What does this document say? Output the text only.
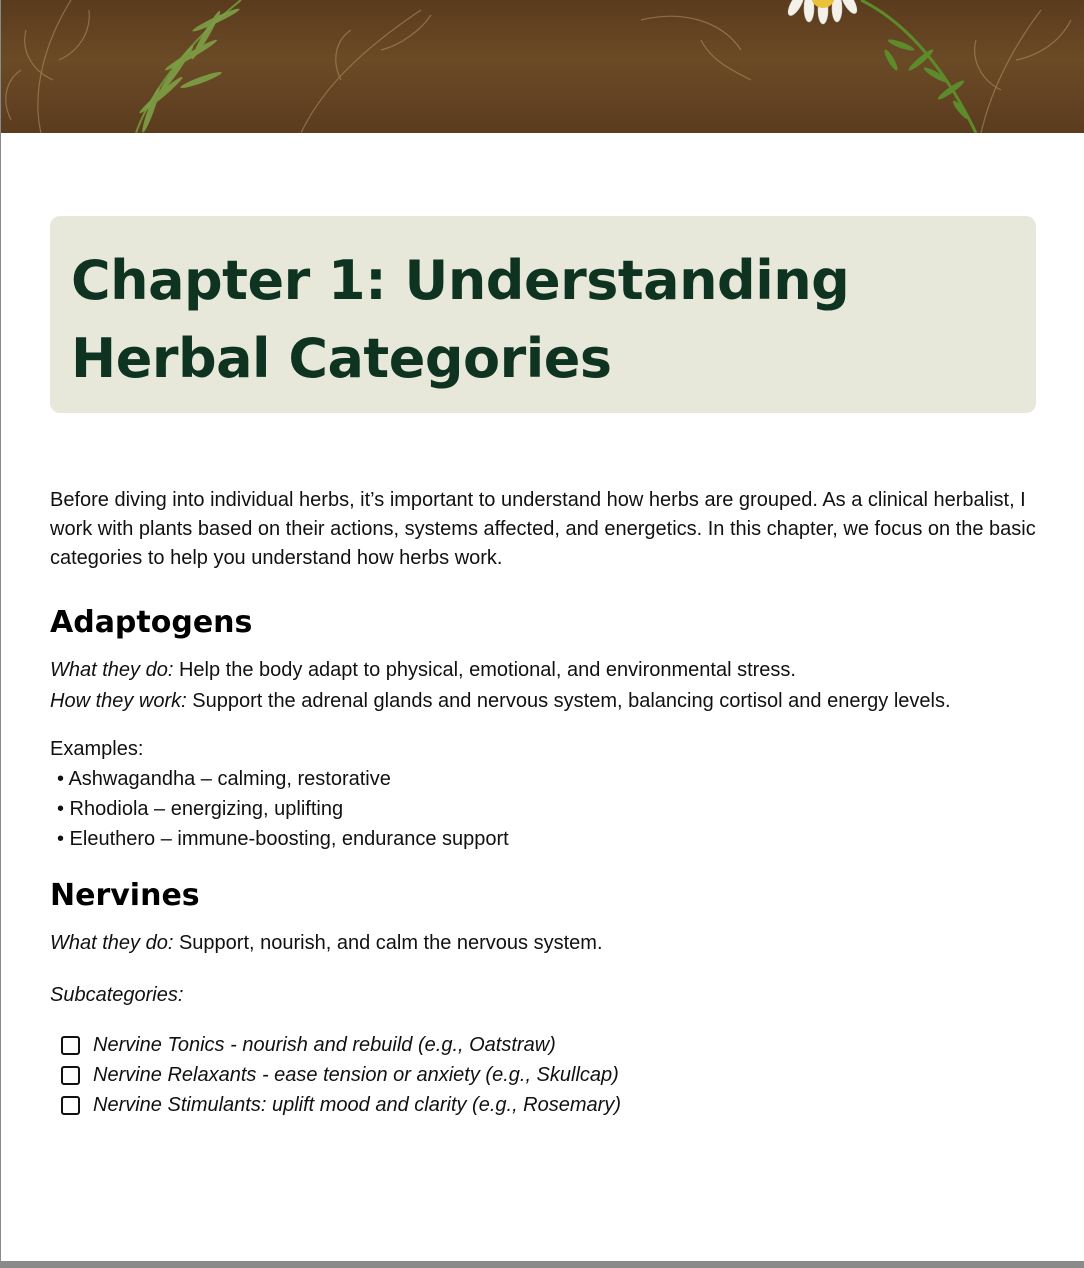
Chapter 1: Understanding Herbal Categories

Before diving into individual herbs, it’s important to understand how herbs are grouped. As a clinical herbalist, I work with plants based on their actions, systems affected, and energetics. In this chapter, we focus on the basic categories to help you understand how herbs work.

Adaptogens

What they do: Help the body adapt to physical, emotional, and environmental stress.

How they work: Support the adrenal glands and nervous system, balancing cortisol and energy levels.

Examples:

• Ashwagandha – calming, restorative
• Rhodiola – energizing, uplifting
• Eleuthero – immune-boosting, endurance support
Nervines

What they do: Support, nourish, and calm the nervous system.

Subcategories:

Nervine Tonics - nourish and rebuild (e.g., Oatstraw)
Nervine Relaxants - ease tension or anxiety (e.g., Skullcap)
Nervine Stimulants: uplift mood and clarity (e.g., Rosemary)
